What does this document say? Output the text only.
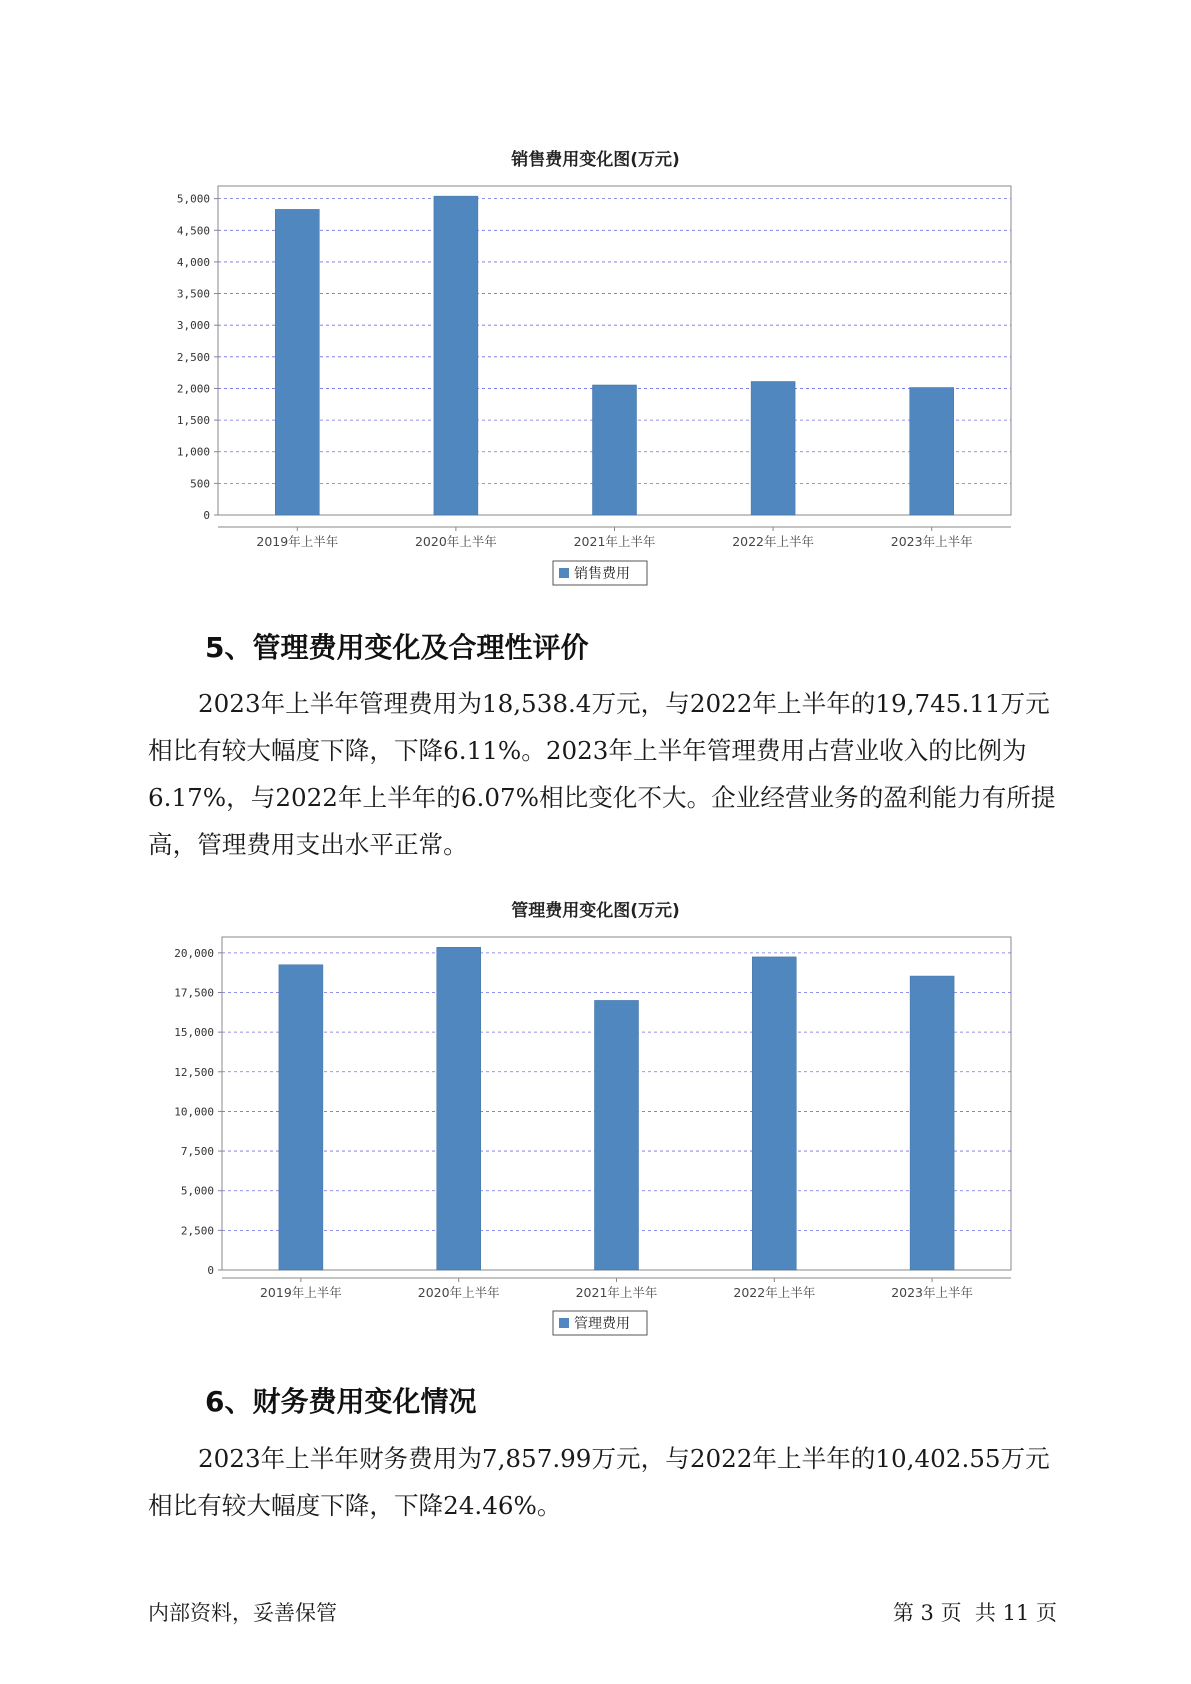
销售费用变化图(万元)
0
500
1,000
1,500
2,000
2,500
3,000
3,500
4,000
4,500
5,000
2019年上半年	2020年上半年	2021年上半年	2022年上半年	2023年上半年
销售费用
5、管理费用变化及合理性评价

2023年上半年管理费用为18,538.4万元，与2022年上半年的19,745.11万元相比有较大幅度下降，下降6.11%。2023年上半年管理费用占营业收入的比例为6.17%，与2022年上半年的6.07%相比变化不大。企业经营业务的盈利能力有所提高，管理费用支出水平正常。

管理费用变化图(万元)
0
2,500
5,000
7,500
10,000
12,500
15,000
17,500
20,000
2019年上半年	2020年上半年	2021年上半年	2022年上半年	2023年上半年
管理费用
6、财务费用变化情况

2023年上半年财务费用为7,857.99万元，与2022年上半年的10,402.55万元相比有较大幅度下降，下降24.46%。

内部资料，妥善保管	第 3 页  共 11 页
